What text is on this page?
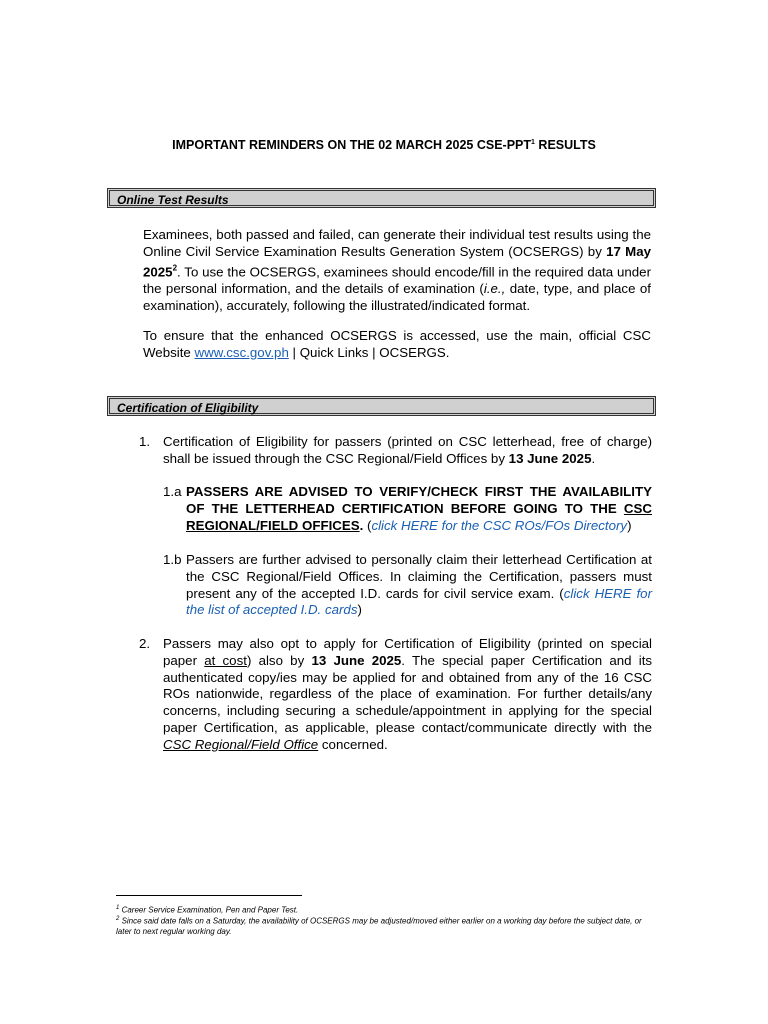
IMPORTANT REMINDERS ON THE 02 MARCH 2025 CSE-PPT$^1$ RESULTS
Online Test Results
Examinees, both passed and failed, can generate their individual test results using the Online Civil Service Examination Results Generation System (OCSERGS) by 17 May 2025$^2$. To use the OCSERGS, examinees should encode/fill in the required data under the personal information, and the details of examination (i.e., date, type, and place of examination), accurately, following the illustrated/indicated format.
To ensure that the enhanced OCSERGS is accessed, use the main, official CSC Website www.csc.gov.ph | Quick Links | OCSERGS.
Certification of Eligibility
1. Certification of Eligibility for passers (printed on CSC letterhead, free of charge) shall be issued through the CSC Regional/Field Offices by 13 June 2025.
1.a PASSERS ARE ADVISED TO VERIFY/CHECK FIRST THE AVAILABILITY OF THE LETTERHEAD CERTIFICATION BEFORE GOING TO THE CSC REGIONAL/FIELD OFFICES. (click HERE for the CSC ROs/FOs Directory)
1.b Passers are further advised to personally claim their letterhead Certification at the CSC Regional/Field Offices. In claiming the Certification, passers must present any of the accepted I.D. cards for civil service exam. (click HERE for the list of accepted I.D. cards)
2. Passers may also opt to apply for Certification of Eligibility (printed on special paper at cost) also by 13 June 2025. The special paper Certification and its authenticated copy/ies may be applied for and obtained from any of the 16 CSC ROs nationwide, regardless of the place of examination. For further details/any concerns, including securing a schedule/appointment in applying for the special paper Certification, as applicable, please contact/communicate directly with the CSC Regional/Field Office concerned.
$^1$ Career Service Examination, Pen and Paper Test.
$^2$ Since said date falls on a Saturday, the availability of OCSERGS may be adjusted/moved either earlier on a working day before the subject date, or later to next regular working day.
